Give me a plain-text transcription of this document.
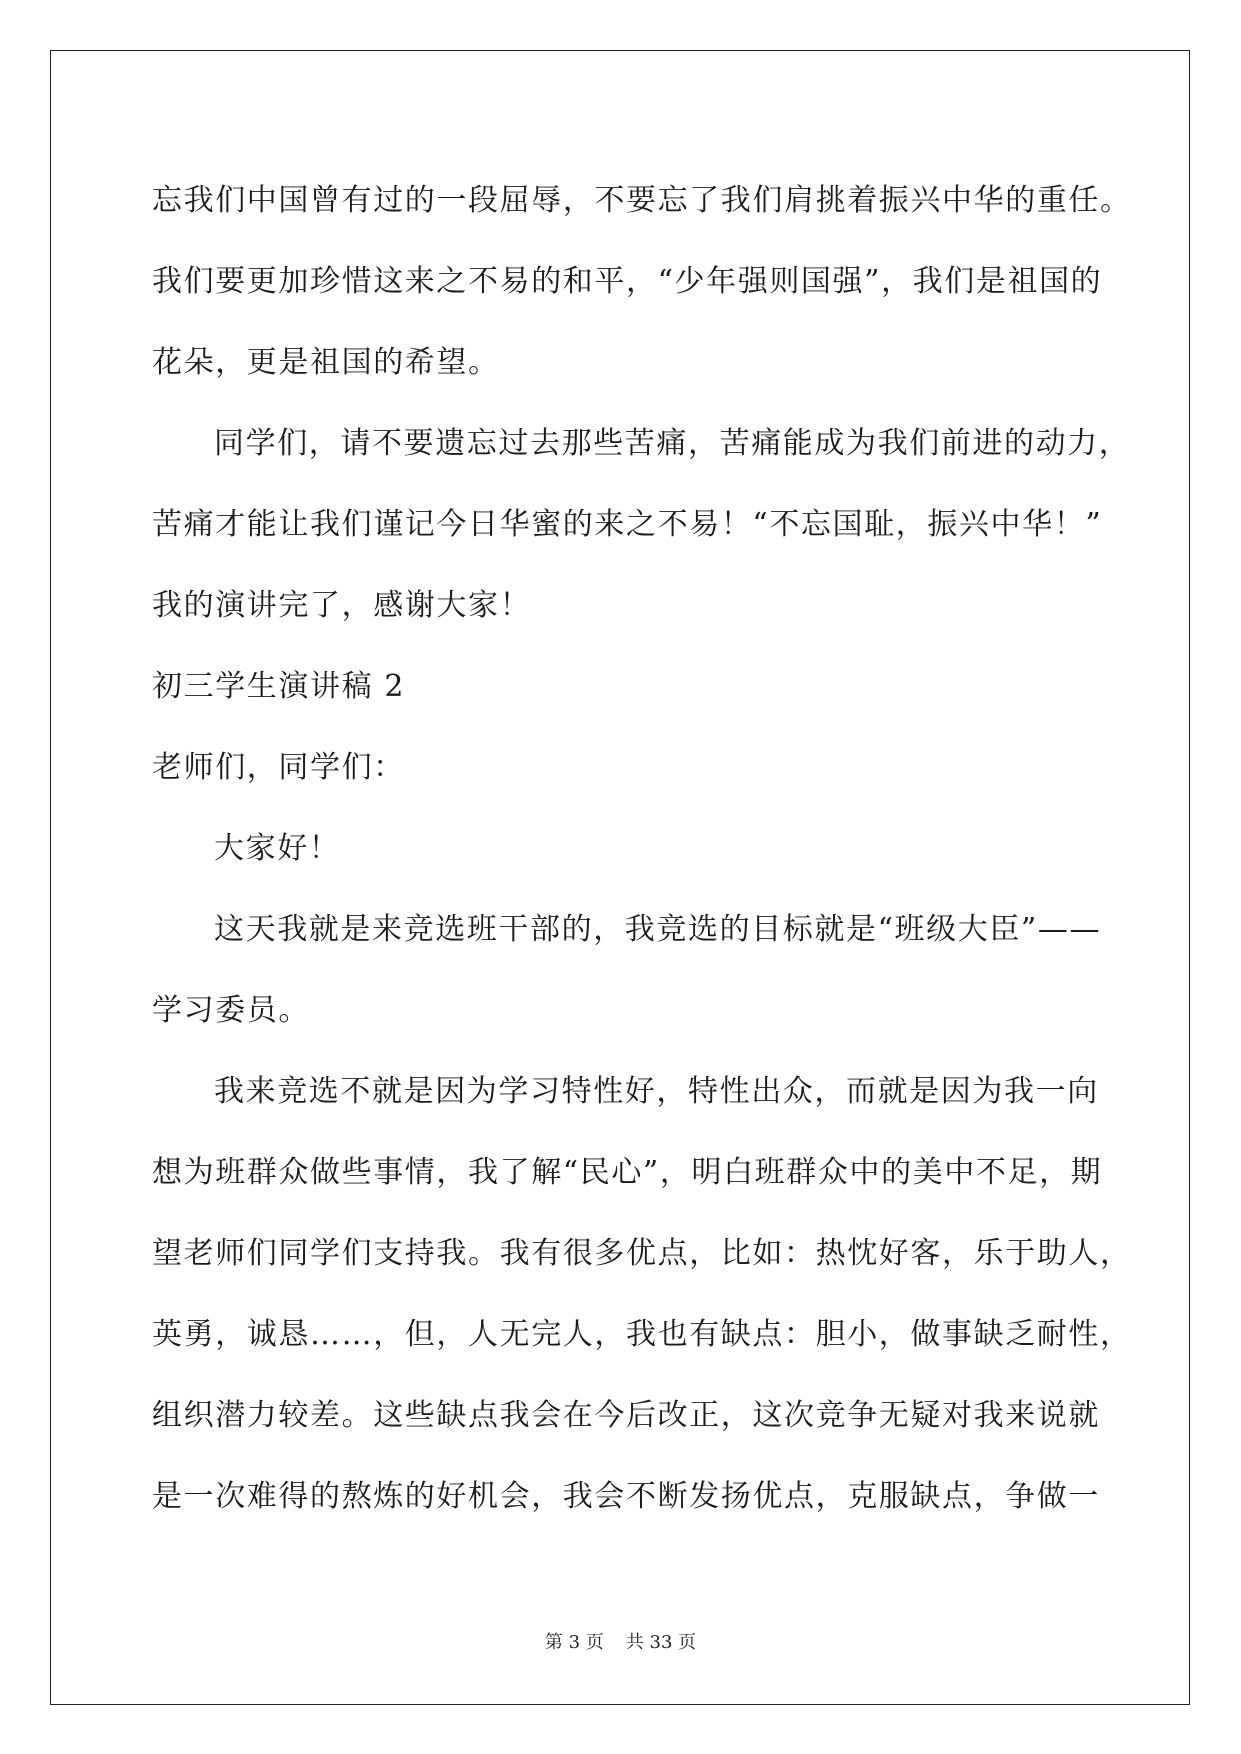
忘我们中国曾有过的一段屈辱，不要忘了我们肩挑着振兴中华的重任。
我们要更加珍惜这来之不易的和平，“少年强则国强”，我们是祖国的
花朵，更是祖国的希望。
同学们，请不要遗忘过去那些苦痛，苦痛能成为我们前进的动力，
苦痛才能让我们谨记今日华蜜的来之不易！“不忘国耻，振兴中华！”
我的演讲完了，感谢大家！
初三学生演讲稿 2
老师们，同学们：
大家好！
这天我就是来竞选班干部的，我竞选的目标就是“班级大臣”——
学习委员。
我来竞选不就是因为学习特性好，特性出众，而就是因为我一向
想为班群众做些事情，我了解“民心”，明白班群众中的美中不足，期
望老师们同学们支持我。我有很多优点，比如：热忱好客，乐于助人，
英勇，诚恳……，但，人无完人，我也有缺点：胆小，做事缺乏耐性，
组织潜力较差。这些缺点我会在今后改正，这次竞争无疑对我来说就
是一次难得的熬炼的好机会，我会不断发扬优点，克服缺点，争做一
第 3 页 共 33 页
